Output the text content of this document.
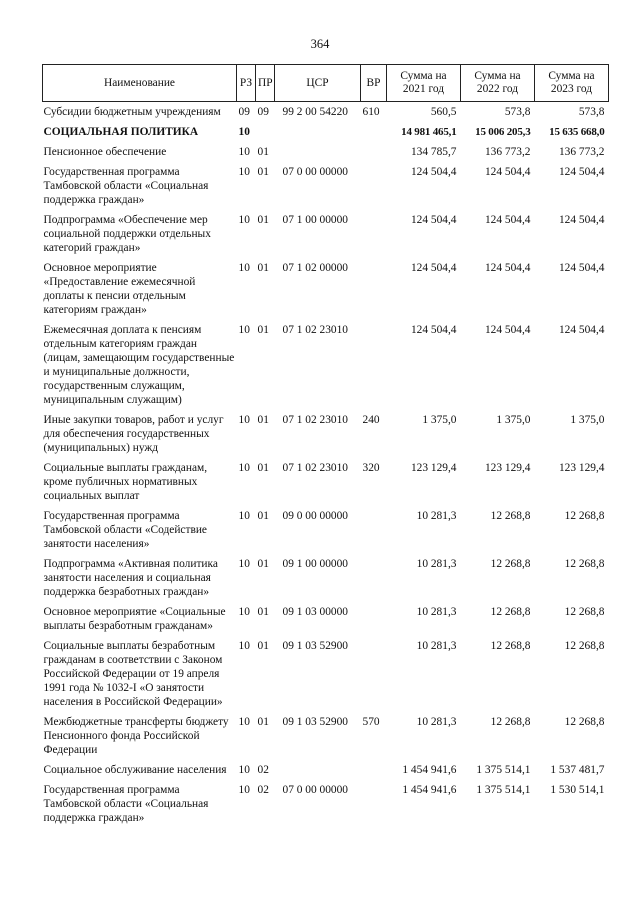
364
Наименование	РЗ	ПР	ЦСР	ВР	Сумма на 2021 год	Сумма на 2022 год	Сумма на 2023 год
Субсидии бюджетным учреждениям	09	09	99 2 00 54220	610	560,5	573,8	573,8
СОЦИАЛЬНАЯ ПОЛИТИКА	10				14 981 465,1	15 006 205,3	15 635 668,0
Пенсионное обеспечение	10	01			134 785,7	136 773,2	136 773,2
Государственная программа Тамбовской области «Социальная поддержка граждан»	10	01	07 0 00 00000		124 504,4	124 504,4	124 504,4
Подпрограмма «Обеспечение мер социальной поддержки отдельных категорий граждан»	10	01	07 1 00 00000		124 504,4	124 504,4	124 504,4
Основное мероприятие «Предоставление ежемесячной доплаты к пенсии отдельным категориям граждан»	10	01	07 1 02 00000		124 504,4	124 504,4	124 504,4
Ежемесячная доплата к пенсиям отдельным категориям граждан (лицам, замещающим государственные и муниципальные должности, государственным служащим, муниципальным служащим)	10	01	07 1 02 23010		124 504,4	124 504,4	124 504,4
Иные закупки товаров, работ и услуг для обеспечения государственных (муниципальных) нужд	10	01	07 1 02 23010	240	1 375,0	1 375,0	1 375,0
Социальные выплаты гражданам, кроме публичных нормативных социальных выплат	10	01	07 1 02 23010	320	123 129,4	123 129,4	123 129,4
Государственная программа Тамбовской области «Содействие занятости населения»	10	01	09 0 00 00000		10 281,3	12 268,8	12 268,8
Подпрограмма «Активная политика занятости населения и социальная поддержка безработных граждан»	10	01	09 1 00 00000		10 281,3	12 268,8	12 268,8
Основное мероприятие «Социальные выплаты безработным гражданам»	10	01	09 1 03 00000		10 281,3	12 268,8	12 268,8
Социальные выплаты безработным гражданам в соответствии с Законом Российской Федерации от 19 апреля 1991 года № 1032-I «О занятости населения в Российской Федерации»	10	01	09 1 03 52900		10 281,3	12 268,8	12 268,8
Межбюджетные трансферты бюджету Пенсионного фонда Российской Федерации	10	01	09 1 03 52900	570	10 281,3	12 268,8	12 268,8
Социальное обслуживание населения	10	02			1 454 941,6	1 375 514,1	1 537 481,7
Государственная программа Тамбовской области «Социальная поддержка граждан»	10	02	07 0 00 00000		1 454 941,6	1 375 514,1	1 530 514,1
